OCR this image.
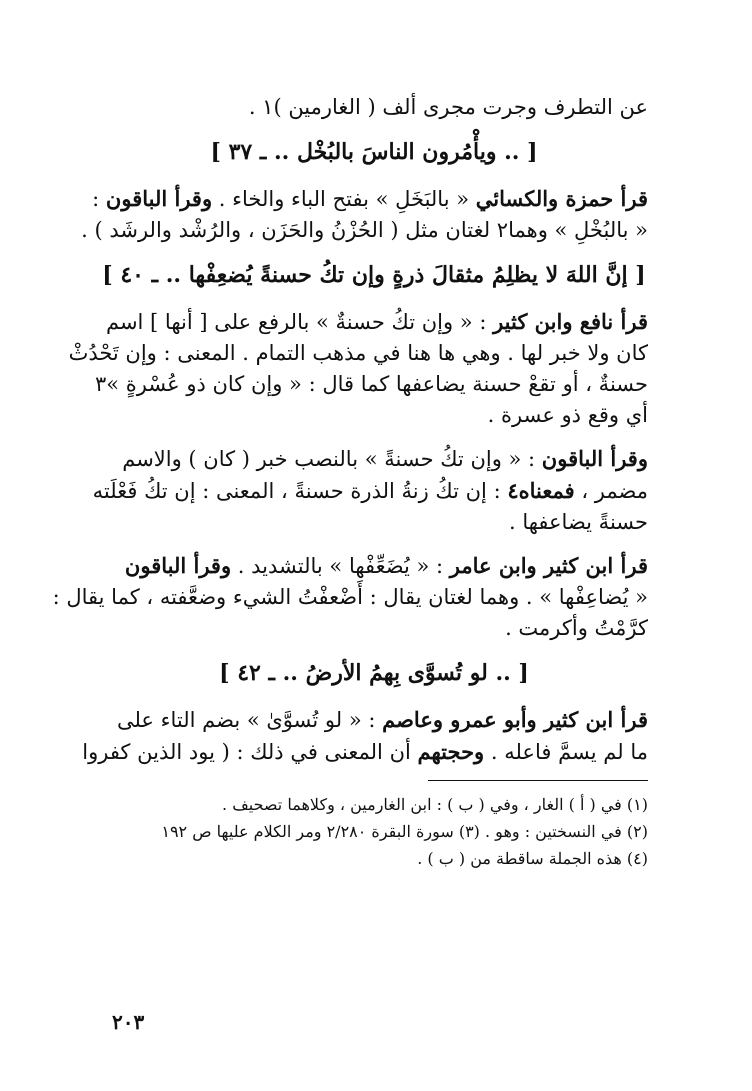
عن التطرف وجرت مجرى ألف ( الغارمين )١ .
[ .. ويأْمُرون الناسَ بالبُخْل .. ـ ٣٧ ]
قرأ حمزة والكسائي « بالبَخَلِ » بفتح الباء والخاء . وقرأ الباقون :
« بالبُخْلِ » وهما٢ لغتان مثل ( الحُزْنُ والحَزَن ، والرُشْد والرشَد ) .
[ إنَّ اللهَ لا يظلِمُ مثقالَ ذرةٍ وإن تكُ حسنةً يُضعِفْها .. ـ ٤٠ ]
قرأ نافع وابن كثير : « وإن تكُ حسنةٌ » بالرفع على [ أنها ] اسم
كان ولا خبر لها . وهي ها هنا في مذهب التمام . المعنى : وإن تَحْدُثْ
حسنةٌ ، أو تقعْ حسنة يضاعفها كما قال : « وإن كان ذو عُسْرةٍ »٣
أي وقع ذو عسرة .
وقرأ الباقون : « وإن تكُ حسنةً » بالنصب خبر ( كان ) والاسم
مضمر ، فمعناه٤ : إن تكُ زنةُ الذرة حسنةً ، المعنى : إن تكُ فَعْلَته
حسنةً يضاعفها .
قرأ ابن كثير وابن عامر : « يُضَعِّفْها » بالتشديد . وقرأ الباقون
« يُضاعِفْها » . وهما لغتان يقال : أَضْعفْتُ الشيء وضعَّفته ، كما يقال :
كرَّمْتُ وأكرمت .
[ .. لو تُسوَّى بِهمُ الأرضُ .. ـ ٤٢ ]
قرأ ابن كثير وأبو عمرو وعاصم : « لو تُسوَّىٰ » بضم التاء على
ما لم يسمَّ فاعله . وحجتهم أن المعنى في ذلك : ( يود الذين كفروا
(١) في ( أ ) الغار ، وفي ( ب ) : ابن الغارمين ، وكلاهما تصحيف .
(٢) في النسختين : وهو . (٣) سورة البقرة ٢/٢٨٠ ومر الكلام عليها ص ١٩٢
(٤) هذه الجملة ساقطة من ( ب ) .
٢٠٣
